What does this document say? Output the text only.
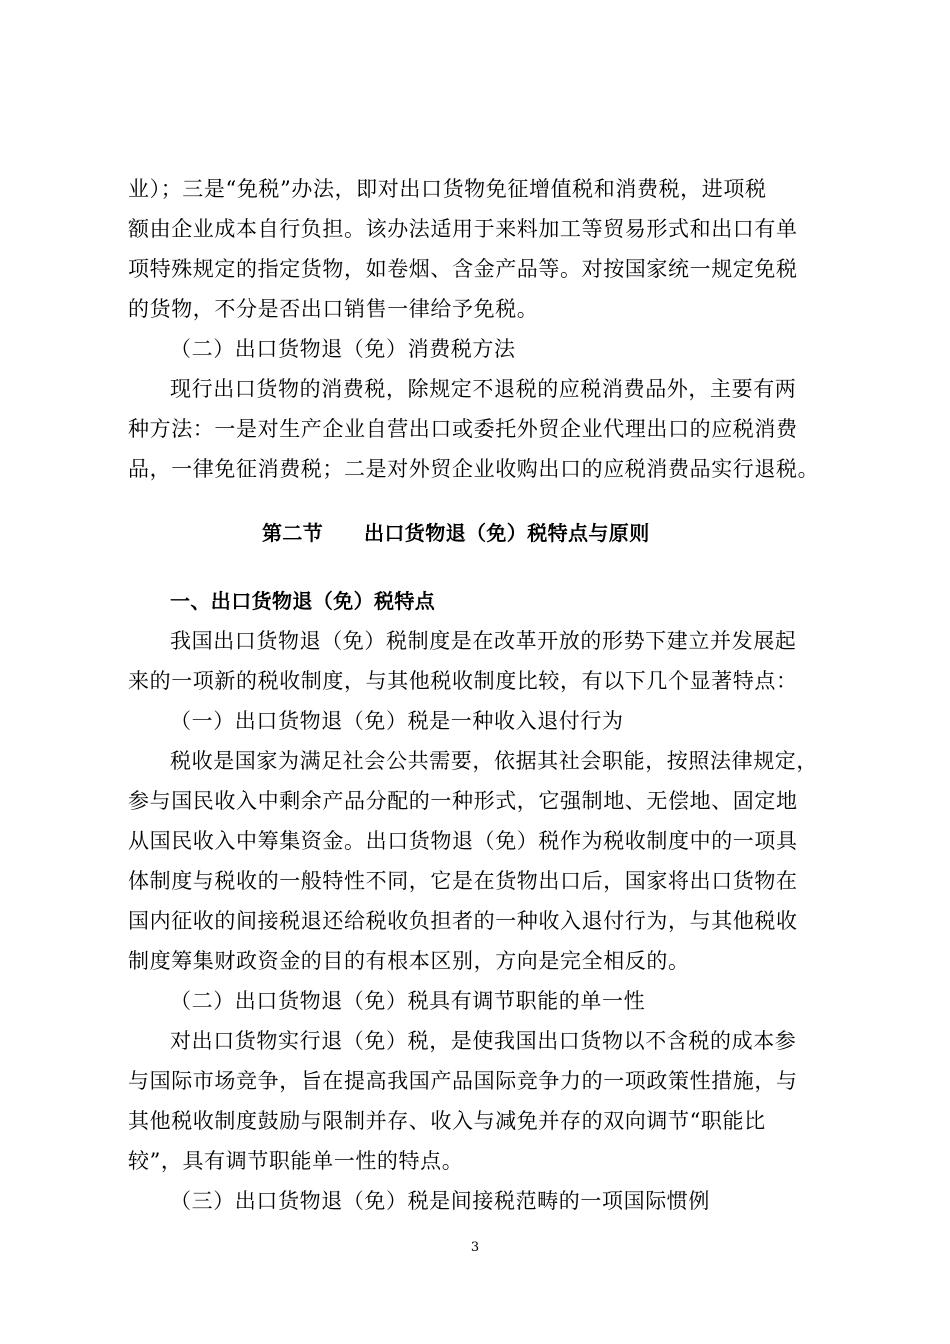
业）；三是“免税”办法，即对出口货物免征增值税和消费税，进项税
额由企业成本自行负担。该办法适用于来料加工等贸易形式和出口有单
项特殊规定的指定货物，如卷烟、含金产品等。对按国家统一规定免税
的货物，不分是否出口销售一律给予免税。
（二）出口货物退（免）消费税方法
现行出口货物的消费税，除规定不退税的应税消费品外，主要有两
种方法：一是对生产企业自营出口或委托外贸企业代理出口的应税消费
品，一律免征消费税；二是对外贸企业收购出口的应税消费品实行退税。
第二节 出口货物退（免）税特点与原则
一、出口货物退（免）税特点
我国出口货物退（免）税制度是在改革开放的形势下建立并发展起
来的一项新的税收制度，与其他税收制度比较，有以下几个显著特点：
（一）出口货物退（免）税是一种收入退付行为
税收是国家为满足社会公共需要，依据其社会职能，按照法律规定，
参与国民收入中剩余产品分配的一种形式，它强制地、无偿地、固定地
从国民收入中筹集资金。出口货物退（免）税作为税收制度中的一项具
体制度与税收的一般特性不同，它是在货物出口后，国家将出口货物在
国内征收的间接税退还给税收负担者的一种收入退付行为，与其他税收
制度筹集财政资金的目的有根本区别，方向是完全相反的。
（二）出口货物退（免）税具有调节职能的单一性
对出口货物实行退（免）税，是使我国出口货物以不含税的成本参
与国际市场竞争，旨在提高我国产品国际竞争力的一项政策性措施，与
其他税收制度鼓励与限制并存、收入与减免并存的双向调节“职能比
较”，具有调节职能单一性的特点。
（三）出口货物退（免）税是间接税范畴的一项国际惯例
3
